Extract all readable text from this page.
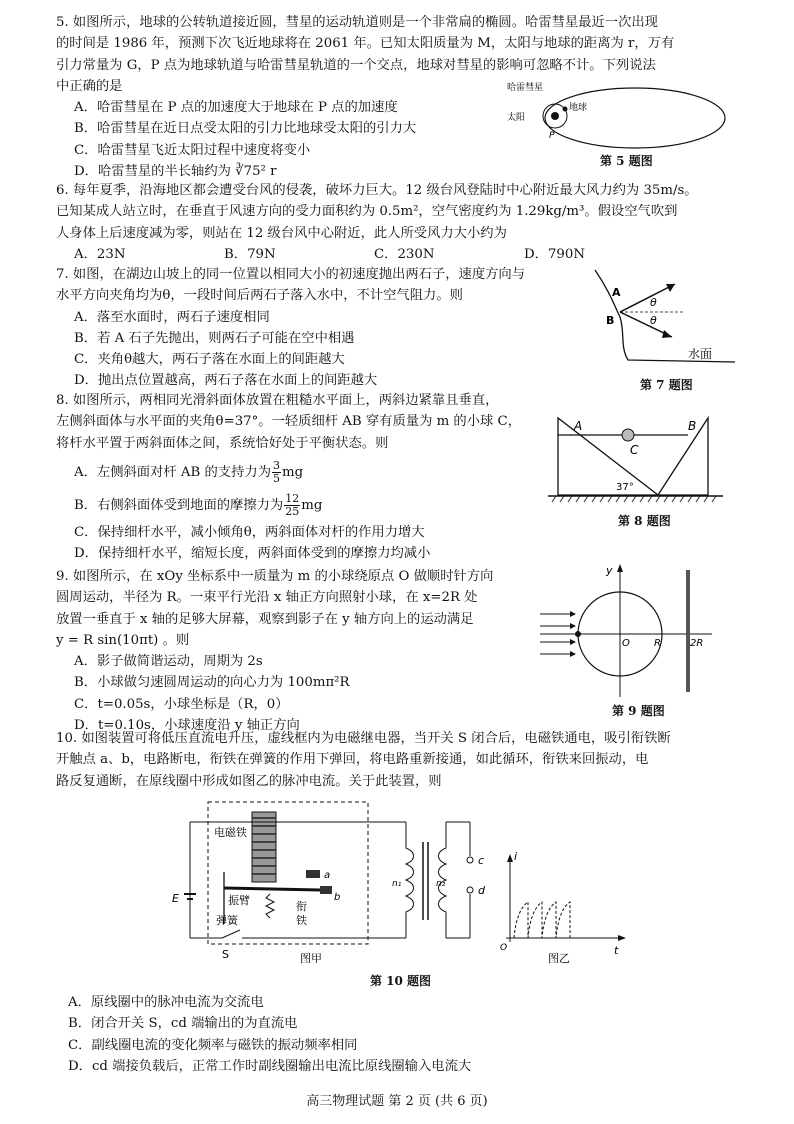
5. 如图所示，地球的公转轨道接近圆，彗星的运动轨道则是一个非常扁的椭圆。哈雷彗星最近一次出现

的时间是 1986 年，预测下次飞近地球将在 2061 年。已知太阳质量为 M，太阳与地球的距离为 r，万有

引力常量为 G，P 点为地球轨道与哈雷彗星轨道的一个交点，地球对彗星的影响可忽略不计。下列说法

中正确的是

A．哈雷彗星在 P 点的加速度大于地球在 P 点的加速度

B．哈雷彗星在近日点受太阳的引力比地球受太阳的引力大

C．哈雷彗星飞近太阳过程中速度将变小

D．哈雷彗星的半长轴约为 ∛75² r

哈雷彗星
太阳
地球
P
第 5 题图

6. 每年夏季，沿海地区都会遭受台风的侵袭，破坏力巨大。12 级台风登陆时中心附近最大风力约为 35m/s。

已知某成人站立时，在垂直于风速方向的受力面积约为 0.5m²，空气密度约为 1.29kg/m³。假设空气吹到

人身体上后速度减为零，则站在 12 级台风中心附近，此人所受风力大小约为

A．23N	B．79N	C．230N	D．790N

7. 如图，在湖边山坡上的同一位置以相同大小的初速度抛出两石子，速度方向与

水平方向夹角均为θ，一段时间后两石子落入水中，不计空气阻力。则

A．落至水面时，两石子速度相同

B．若 A 石子先抛出，则两石子可能在空中相遇

C．夹角θ越大，两石子落在水面上的间距越大

D．抛出点位置越高，两石子落在水面上的间距越大

A
B
θ
θ
水面
第 7 题图

8. 如图所示，两相同光滑斜面体放置在粗糙水平面上，两斜边紧靠且垂直，

左侧斜面体与水平面的夹角θ=37°。一轻质细杆 AB 穿有质量为 m 的小球 C，

将杆水平置于两斜面体之间，系统恰好处于平衡状态。则

A．左侧斜面对杆 AB 的支持力为 $\frac{3}{5}$ mg

B．右侧斜面体受到地面的摩擦力为 $\frac{12}{25}$ mg

C．保持细杆水平，减小倾角θ，两斜面体对杆的作用力增大

D．保持细杆水平，缩短长度，两斜面体受到的摩擦力均减小

A	B
C
37°
第 8 题图

9. 如图所示，在 xOy 坐标系中一质量为 m 的小球绕原点 O 做顺时针方向

圆周运动，半径为 R。一束平行光沿 x 轴正方向照射小球，在 x=2R 处

放置一垂直于 x 轴的足够大屏幕，观察到影子在 y 轴方向上的运动满足

y = R sin(10πt) 。则

A．影子做简谐运动，周期为 2s

B．小球做匀速圆周运动的向心力为 100mπ²R

C．t=0.05s，小球坐标是（R，0）

D．t=0.10s，小球速度沿 y 轴正方向

y
O R	2R
第 9 题图

10. 如图装置可将低压直流电升压，虚线框内为电磁继电器，当开关 S 闭合后，电磁铁通电，吸引衔铁断

开触点 a、b，电路断电，衔铁在弹簧的作用下弹回，将电路重新接通，如此循环，衔铁来回振动，电

路反复通断，在原线圈中形成如图乙的脉冲电流。关于此装置，则

电磁铁
振臂
弹簧
衔
铁
a
b
E
S
n₁	n₂
c
d
图甲
i
t
O
图乙
第 10 题图

A．原线圈中的脉冲电流为交流电

B．闭合开关 S，cd 端输出的为直流电

C．副线圈电流的变化频率与磁铁的振动频率相同

D．cd 端接负载后，正常工作时副线圈输出电流比原线圈输入电流大

高三物理试题 第 2 页 (共 6 页)
